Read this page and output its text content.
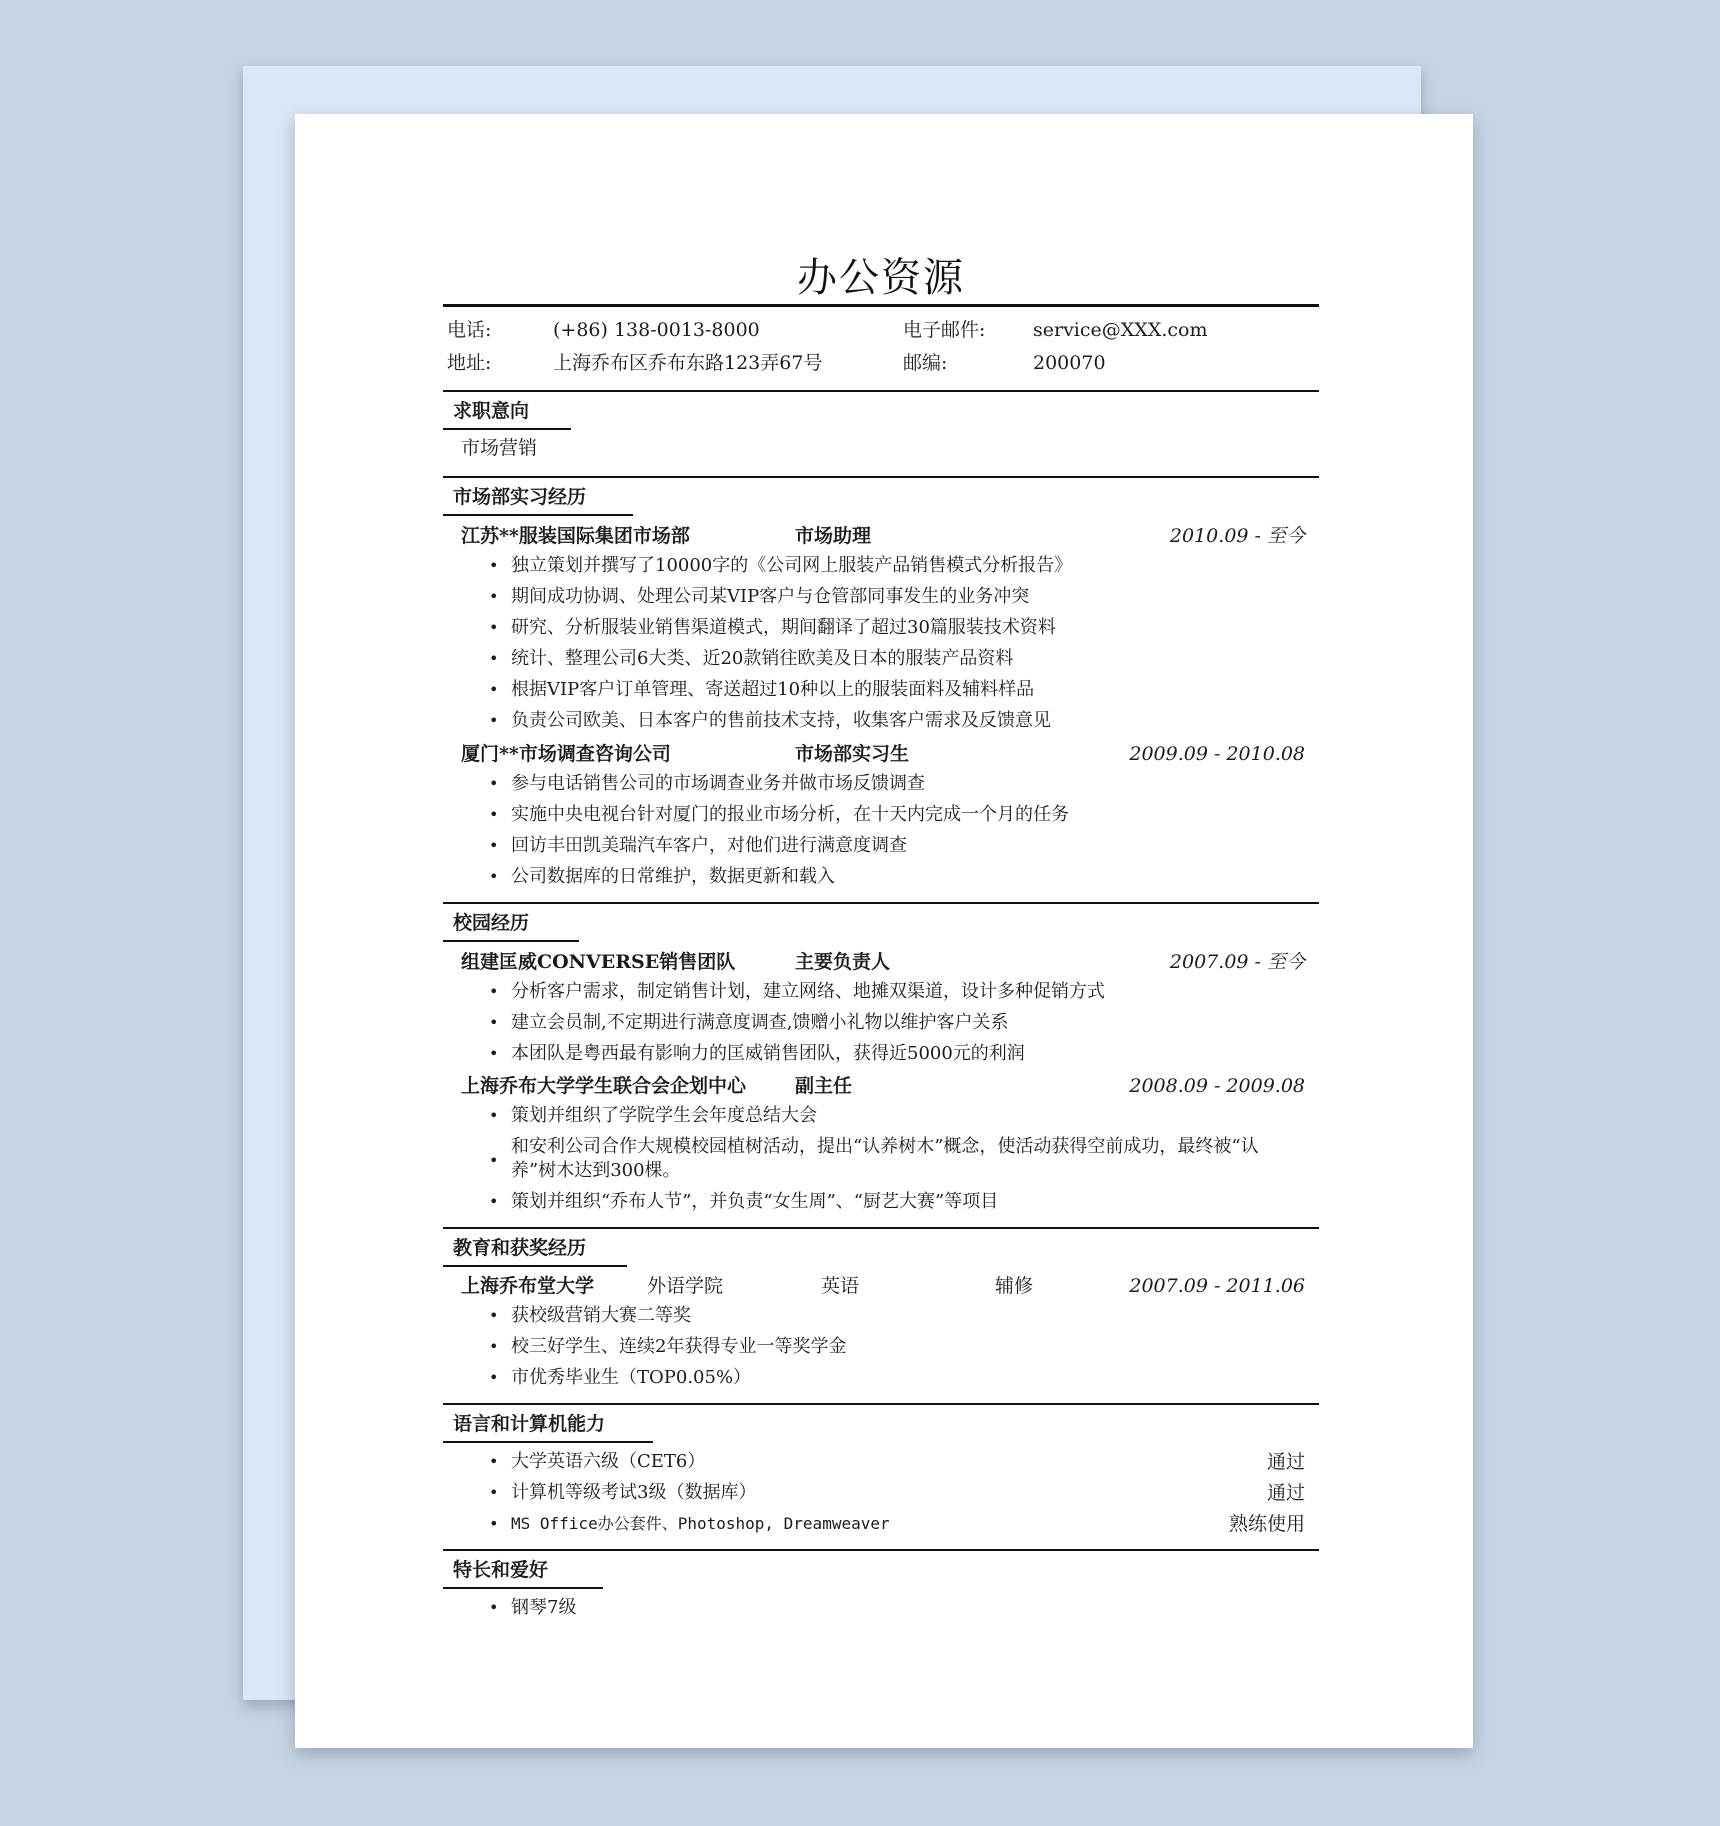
办公资源
电话:	(+86) 138-0013-8000	电子邮件:	service@XXX.com
地址:	上海乔布区乔布东路123弄67号	邮编:	200070
求职意向
市场营销
市场部实习经历
江苏**服装国际集团市场部	市场助理	2010.09 - 至今
• 独立策划并撰写了10000字的《公司网上服装产品销售模式分析报告》
• 期间成功协调、处理公司某VIP客户与仓管部同事发生的业务冲突
• 研究、分析服装业销售渠道模式，期间翻译了超过30篇服装技术资料
• 统计、整理公司6大类、近20款销往欧美及日本的服装产品资料
• 根据VIP客户订单管理、寄送超过10种以上的服装面料及辅料样品
• 负责公司欧美、日本客户的售前技术支持，收集客户需求及反馈意见
厦门**市场调查咨询公司	市场部实习生	2009.09 - 2010.08
• 参与电话销售公司的市场调查业务并做市场反馈调查
• 实施中央电视台针对厦门的报业市场分析，在十天内完成一个月的任务
• 回访丰田凯美瑞汽车客户，对他们进行满意度调查
• 公司数据库的日常维护，数据更新和载入
校园经历
组建匡威CONVERSE销售团队	主要负责人	2007.09 - 至今
• 分析客户需求，制定销售计划，建立网络、地摊双渠道，设计多种促销方式
• 建立会员制,不定期进行满意度调查,馈赠小礼物以维护客户关系
• 本团队是粤西最有影响力的匡威销售团队，获得近5000元的利润
上海乔布大学学生联合会企划中心	副主任	2008.09 - 2009.08
• 策划并组织了学院学生会年度总结大会
• 和安利公司合作大规模校园植树活动，提出“认养树木”概念，使活动获得空前成功，最终被“认养”树木达到300棵。
• 策划并组织“乔布人节”，并负责“女生周”、“厨艺大赛”等项目
教育和获奖经历
上海乔布堂大学	外语学院	英语	辅修	2007.09 - 2011.06
• 获校级营销大赛二等奖
• 校三好学生、连续2年获得专业一等奖学金
• 市优秀毕业生（TOP0.05%）
语言和计算机能力
• 大学英语六级（CET6）	通过
• 计算机等级考试3级（数据库）	通过
• MS Office办公套件、Photoshop, Dreamweaver	熟练使用
特长和爱好
• 钢琴7级
